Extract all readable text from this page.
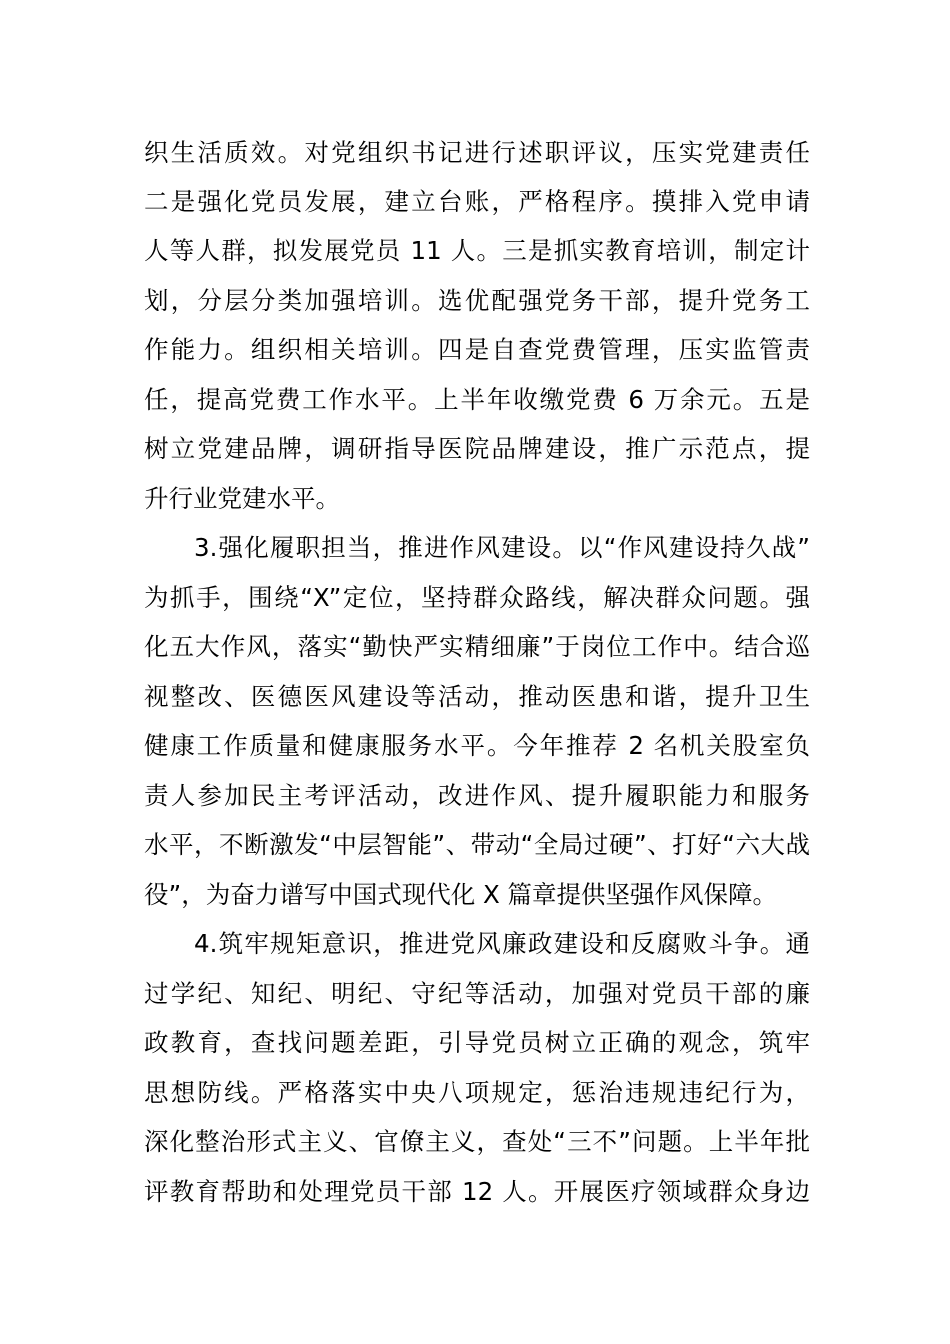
织生活质效。对党组织书记进行述职评议，压实党建责任
二是强化党员发展，建立台账，严格程序。摸排入党申请
人等人群，拟发展党员 11 人。三是抓实教育培训，制定计
划，分层分类加强培训。选优配强党务干部，提升党务工
作能力。组织相关培训。四是自查党费管理，压实监管责
任，提高党费工作水平。上半年收缴党费 6 万余元。五是
树立党建品牌，调研指导医院品牌建设，推广示范点，提
升行业党建水平。
3.强化履职担当，推进作风建设。以“作风建设持久战”
为抓手，围绕“X”定位，坚持群众路线，解决群众问题。强
化五大作风，落实“勤快严实精细廉”于岗位工作中。结合巡
视整改、医德医风建设等活动，推动医患和谐，提升卫生
健康工作质量和健康服务水平。今年推荐 2 名机关股室负
责人参加民主考评活动，改进作风、提升履职能力和服务
水平，不断激发“中层智能”、带动“全局过硬”、打好“六大战
役”，为奋力谱写中国式现代化 X 篇章提供坚强作风保障。
4.筑牢规矩意识，推进党风廉政建设和反腐败斗争。通
过学纪、知纪、明纪、守纪等活动，加强对党员干部的廉
政教育，查找问题差距，引导党员树立正确的观念，筑牢
思想防线。严格落实中央八项规定，惩治违规违纪行为，
深化整治形式主义、官僚主义，查处“三不”问题。上半年批
评教育帮助和处理党员干部 12 人。开展医疗领域群众身边
